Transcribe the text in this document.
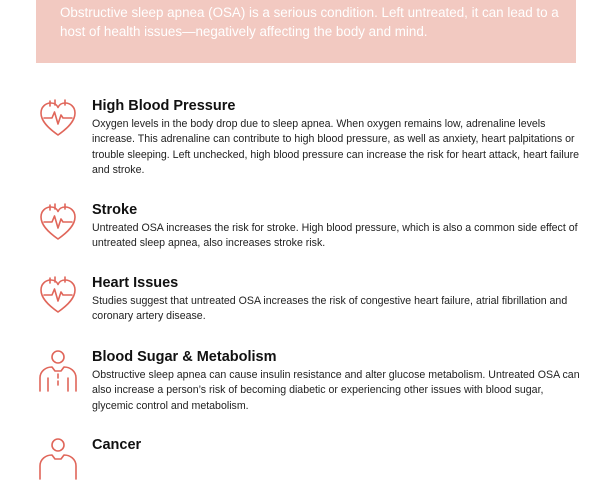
Obstructive sleep apnea (OSA) is a serious condition. Left untreated, it can lead to a host of health issues—negatively affecting the body and mind.

High Blood Pressure

Oxygen levels in the body drop due to sleep apnea. When oxygen remains low, adrenaline levels increase. This adrenaline can contribute to high blood pressure, as well as anxiety, heart palpitations or trouble sleeping. Left unchecked, high blood pressure can increase the risk for heart attack, heart failure and stroke.

Stroke

Untreated OSA increases the risk for stroke. High blood pressure, which is also a common side effect of untreated sleep apnea, also increases stroke risk.

Heart Issues

Studies suggest that untreated OSA increases the risk of congestive heart failure, atrial fibrillation and coronary artery disease.

Blood Sugar & Metabolism

Obstructive sleep apnea can cause insulin resistance and alter glucose metabolism. Untreated OSA can also increase a person’s risk of becoming diabetic or experiencing other issues with blood sugar, glycemic control and metabolism.

Cancer
